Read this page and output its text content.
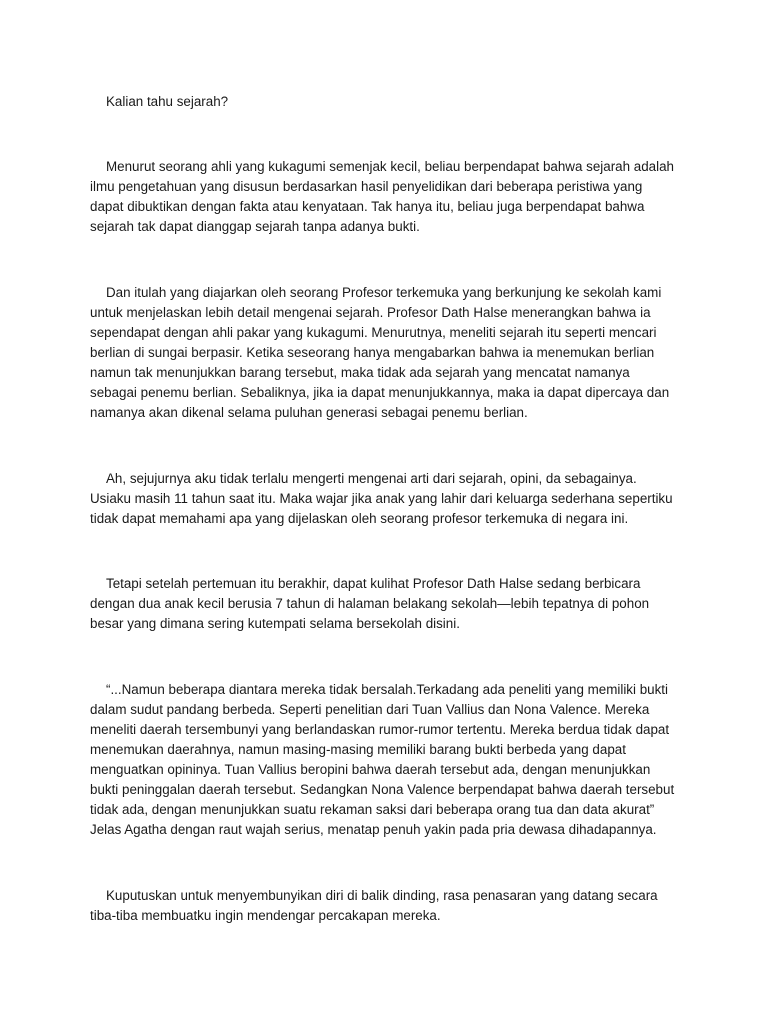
Kalian tahu sejarah?

Menurut seorang ahli yang kukagumi semenjak kecil, beliau berpendapat bahwa sejarah adalah ilmu pengetahuan yang disusun berdasarkan hasil penyelidikan dari beberapa peristiwa yang dapat dibuktikan dengan fakta atau kenyataan. Tak hanya itu, beliau juga berpendapat bahwa sejarah tak dapat dianggap sejarah tanpa adanya bukti.

Dan itulah yang diajarkan oleh seorang Profesor terkemuka yang berkunjung ke sekolah kami untuk menjelaskan lebih detail mengenai sejarah. Profesor Dath Halse menerangkan bahwa ia sependapat dengan ahli pakar yang kukagumi. Menurutnya, meneliti sejarah itu seperti mencari berlian di sungai berpasir. Ketika seseorang hanya mengabarkan bahwa ia menemukan berlian namun tak menunjukkan barang tersebut, maka tidak ada sejarah yang mencatat namanya sebagai penemu berlian. Sebaliknya, jika ia dapat menunjukkannya, maka ia dapat dipercaya dan namanya akan dikenal selama puluhan generasi sebagai penemu berlian.

Ah, sejujurnya aku tidak terlalu mengerti mengenai arti dari sejarah, opini, da sebagainya. Usiaku masih 11 tahun saat itu. Maka wajar jika anak yang lahir dari keluarga sederhana sepertiku tidak dapat memahami apa yang dijelaskan oleh seorang profesor terkemuka di negara ini.

Tetapi setelah pertemuan itu berakhir, dapat kulihat Profesor Dath Halse sedang berbicara dengan dua anak kecil berusia 7 tahun di halaman belakang sekolah—lebih tepatnya di pohon besar yang dimana sering kutempati selama bersekolah disini.

“...Namun beberapa diantara mereka tidak bersalah.Terkadang ada peneliti yang memiliki bukti dalam sudut pandang berbeda. Seperti penelitian dari Tuan Vallius dan Nona Valence. Mereka meneliti daerah tersembunyi yang berlandaskan rumor-rumor tertentu. Mereka berdua tidak dapat menemukan daerahnya, namun masing-masing memiliki barang bukti berbeda yang dapat menguatkan opininya. Tuan Vallius beropini bahwa daerah tersebut ada, dengan menunjukkan bukti peninggalan daerah tersebut. Sedangkan Nona Valence berpendapat bahwa daerah tersebut tidak ada, dengan menunjukkan suatu rekaman saksi dari beberapa orang tua dan data akurat” Jelas Agatha dengan raut wajah serius, menatap penuh yakin pada pria dewasa dihadapannya.

Kuputuskan untuk menyembunyikan diri di balik dinding, rasa penasaran yang datang secara tiba-tiba membuatku ingin mendengar percakapan mereka.
